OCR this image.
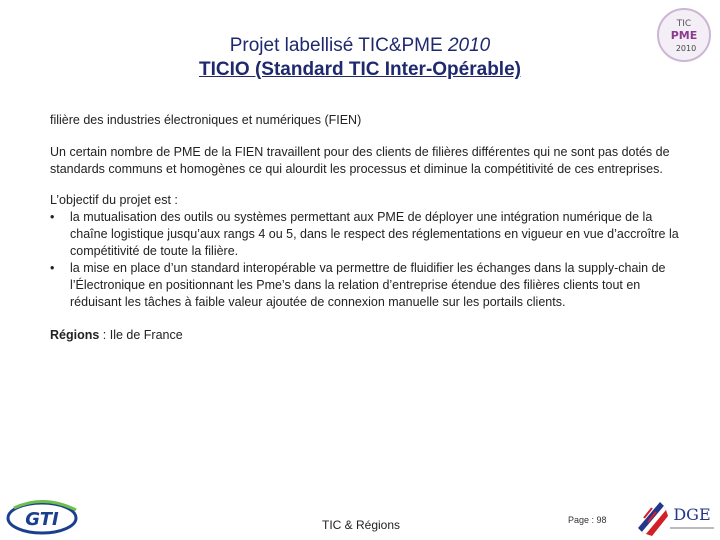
Projet labellisé TIC&PME 2010
TICIO (Standard TIC Inter-Opérable)
TIC
PME
2010

filière des industries électroniques et numériques (FIEN)

Un certain nombre de PME de la FIEN travaillent pour des clients de filières différentes qui ne sont pas dotés de standards communs et homogènes ce qui alourdit les processus et diminue la compétitivité de ces entreprises.

L’objectif du projet est :

• la mutualisation des outils ou systèmes permettant aux PME de déployer une intégration numérique de la chaîne logistique jusqu’aux rangs 4 ou 5, dans le respect des réglementations en vigueur en vue d’accroître la compétitivité de toute la filière.
• la mise en place d’un standard interopérable va permettre de fluidifier les échanges dans la supply-chain de l’Électronique en positionnant les Pme’s dans la relation d’entreprise étendue des filières clients tout en réduisant les tâches à faible valeur ajoutée de connexion manuelle sur les portails clients.

Régions : Ile de France

GTI	TIC & Régions	Page : 98	DGE
